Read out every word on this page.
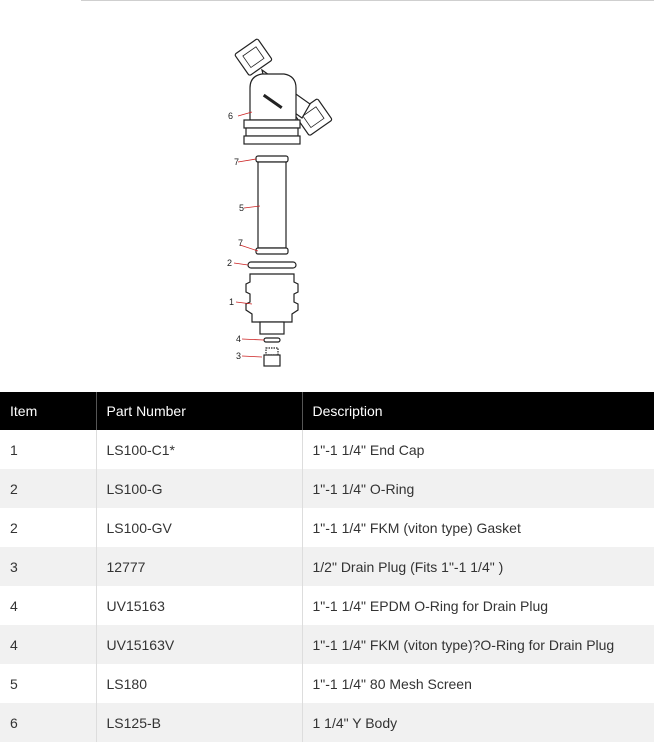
6
7
5
7
2
1
4
3
Item	Part Number	Description
1	LS100-C1*	1"-1 1/4" End Cap
2	LS100-G	1"-1 1/4" O-Ring
2	LS100-GV	1"-1 1/4" FKM (viton type) Gasket
3	12777	1/2" Drain Plug (Fits 1"-1 1/4" )
4	UV15163	1"-1 1/4" EPDM O-Ring for Drain Plug
4	UV15163V	1"-1 1/4" FKM (viton type)?O-Ring for Drain Plug
5	LS180	1"-1 1/4" 80 Mesh Screen
6	LS125-B	1 1/4" Y Body
